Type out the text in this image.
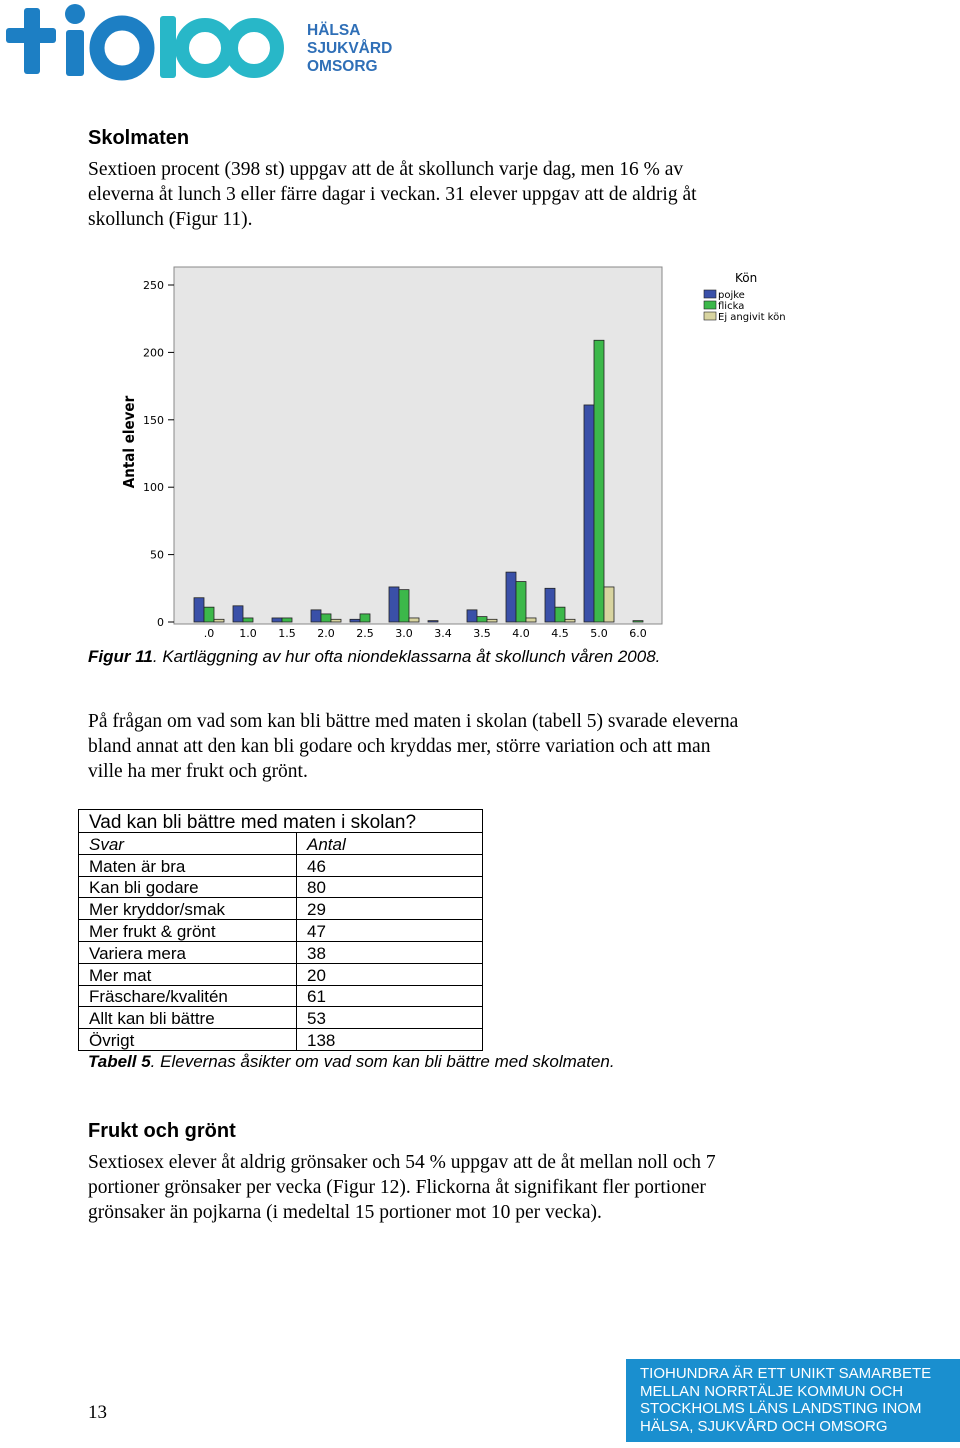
HÄLSA
SJUKVÅRD
OMSORG
Skolmaten

Sextioen procent (398 st) uppgav att de åt skollunch varje dag, men 16 % av

eleverna åt lunch 3 eller färre dagar i veckan. 31 elever uppgav att de aldrig åt

skollunch (Figur 11).

Antal elever
0
50
100
150
200
250
.0 1.0 1.5 2.0 2.5 3.0 3.4 3.5 4.0 4.5 5.0 6.0
Kön
pojke
flicka
Ej angivit kön
Figur 11. Kartläggning av hur ofta niondeklassarna åt skollunch våren 2008.

På frågan om vad som kan bli bättre med maten i skolan (tabell 5) svarade eleverna

bland annat att den kan bli godare och kryddas mer, större variation och att man

ville ha mer frukt och grönt.

Vad kan bli bättre med maten i skolan?	
Svar	Antal
Maten är bra	46
Kan bli godare	80
Mer kryddor/smak	29
Mer frukt & grönt	47
Variera mera	38
Mer mat	20
Fräschare/kvalitén	61
Allt kan bli bättre	53
Övrigt	138
Tabell 5. Elevernas åsikter om vad som kan bli bättre med skolmaten.
Frukt och grönt

Sextiosex elever åt aldrig grönsaker och 54 % uppgav att de åt mellan noll och 7

portioner grönsaker per vecka (Figur 12). Flickorna åt signifikant fler portioner

grönsaker än pojkarna (i medeltal 15 portioner mot 10 per vecka).

13
TIOHUNDRA ÄR ETT UNIKT SAMARBETE
MELLAN NORRTÄLJE KOMMUN OCH
STOCKHOLMS LÄNS LANDSTING INOM
HÄLSA, SJUKVÅRD OCH OMSORG
